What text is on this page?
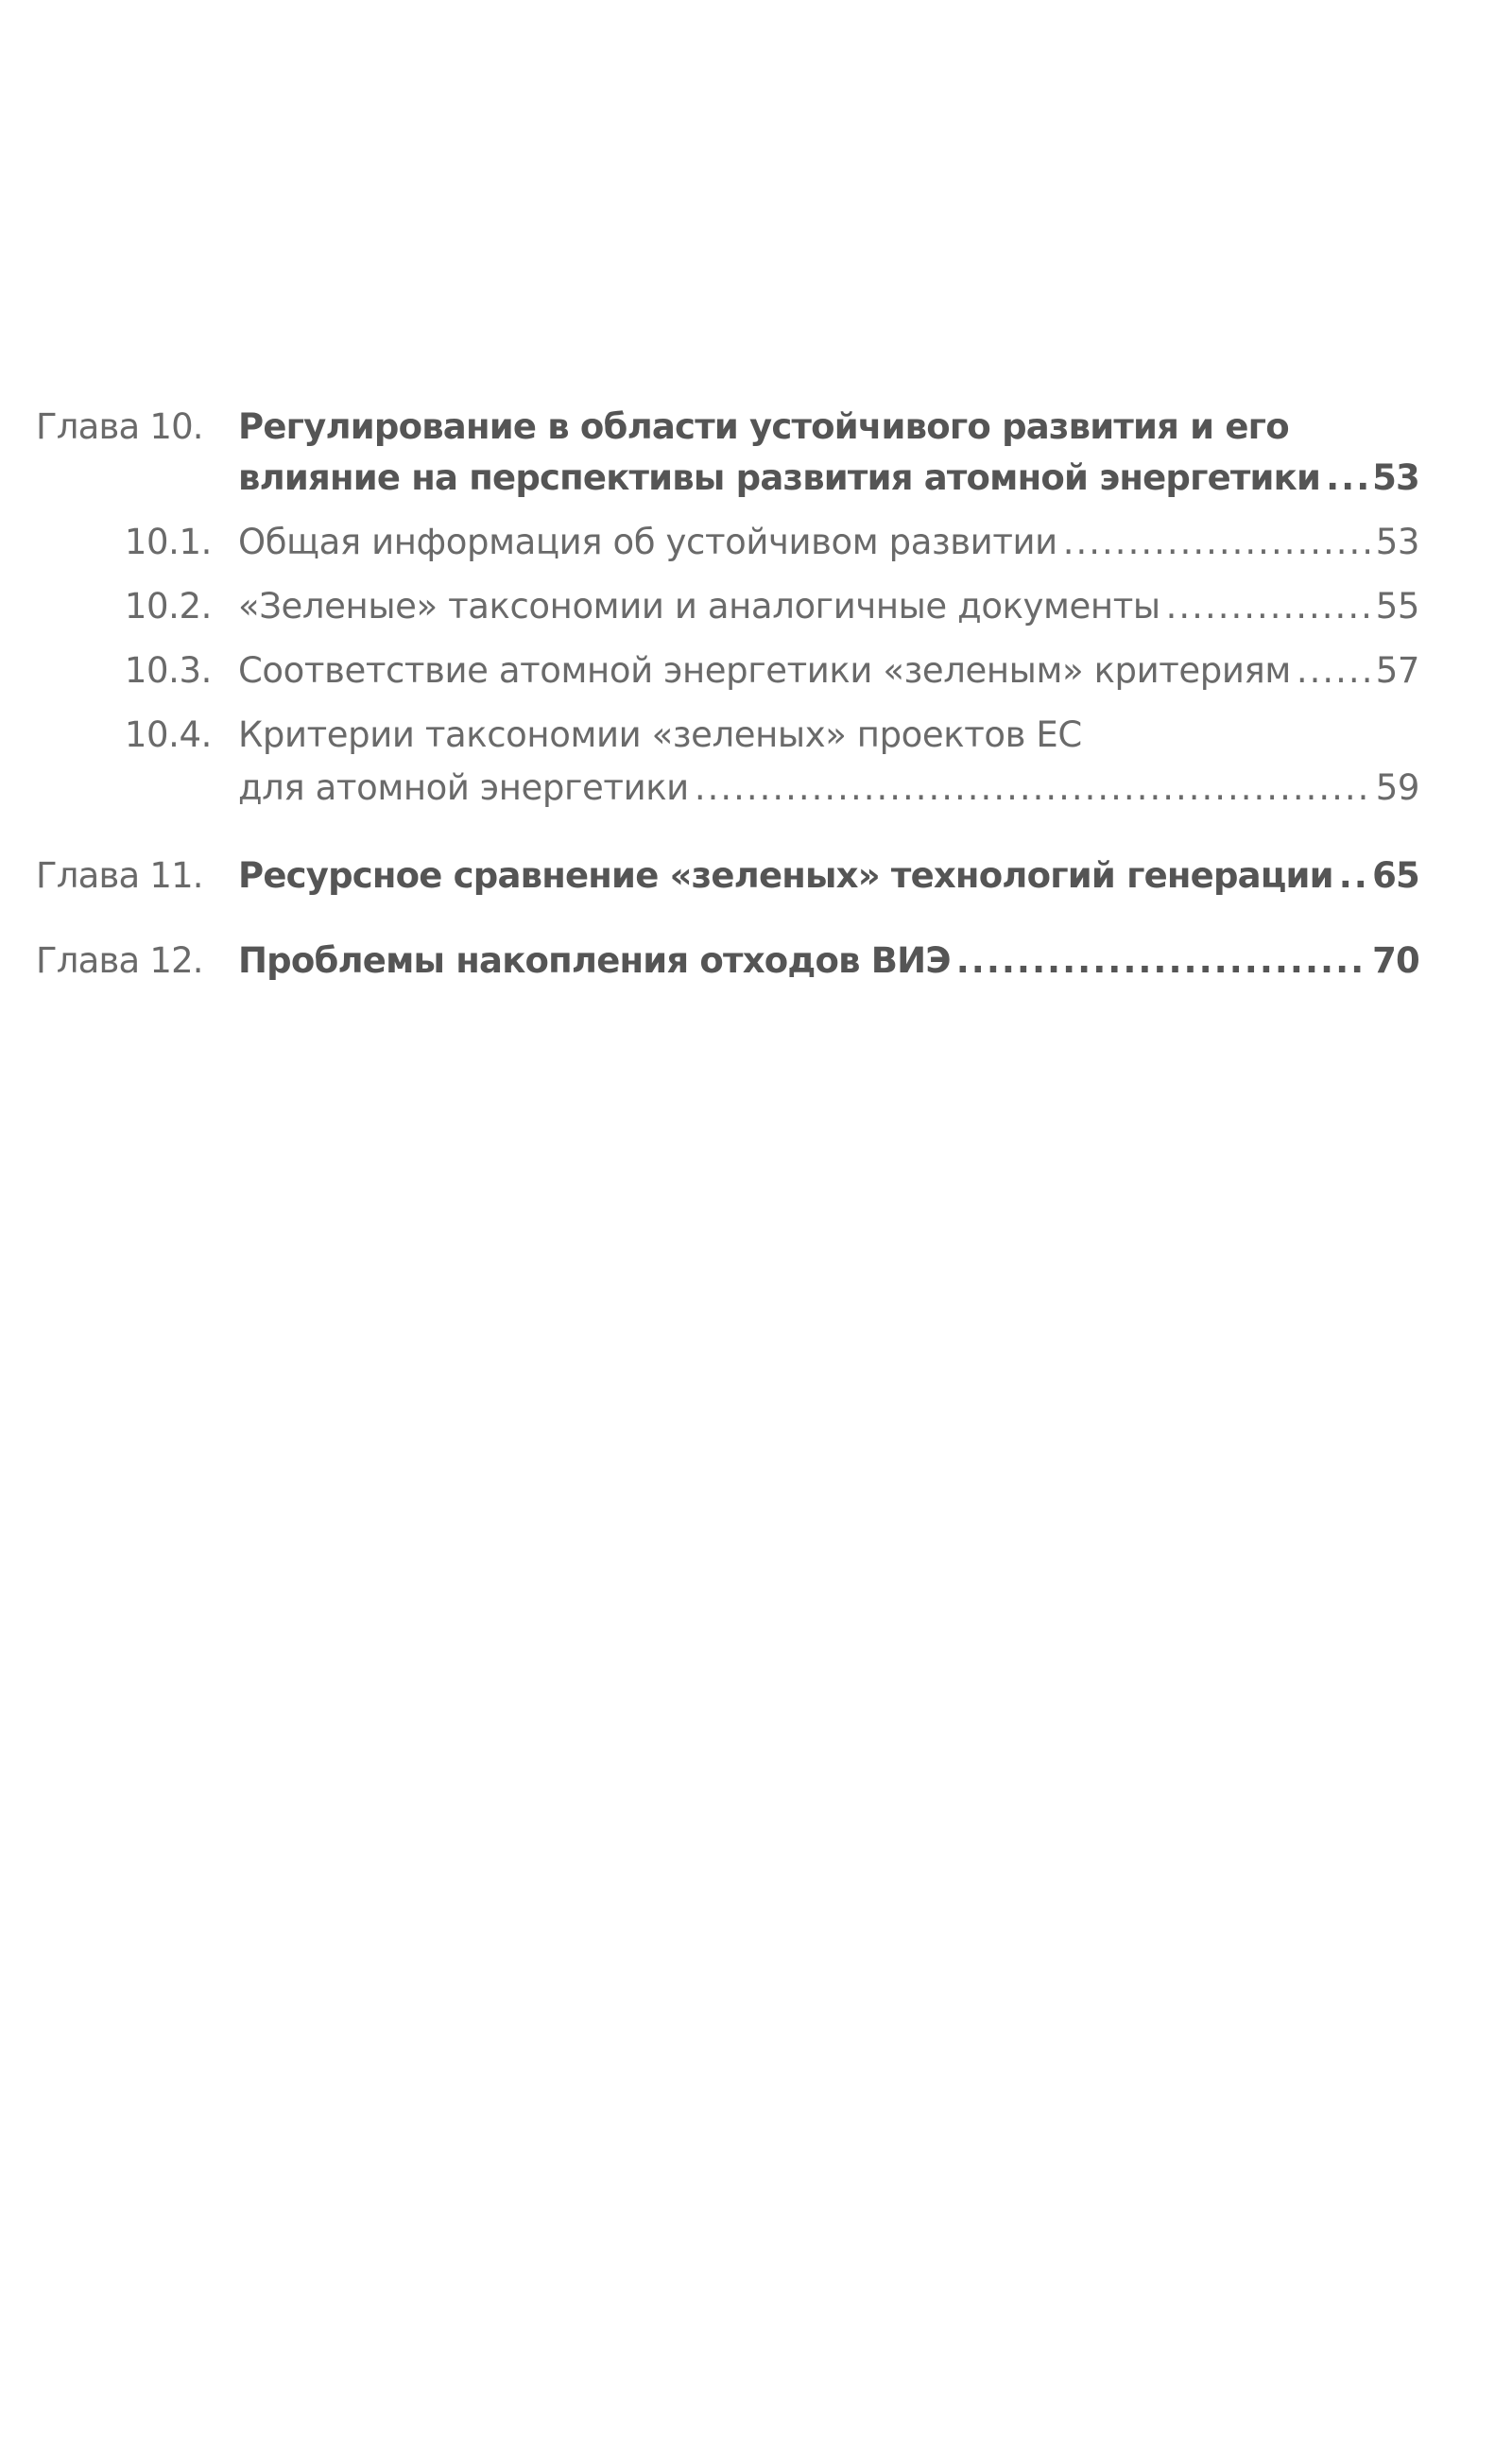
Глава 10.	Регулирование в области устойчивого развития и его
влияние на перспективы развития атомной энергетики ..... 53
10.1. Общая информация об устойчивом развитии .....	53
10.2. «Зеленые» таксономии и аналогичные документы .....	55
10.3. Соответствие атомной энергетики «зеленым» критериям ..... 57
10.4. Критерии таксономии «зеленых» проектов ЕС
для атомной энергетики .....	59
Глава 11.	Ресурсное сравнение «зеленых» технологий генерации ..... 65
Глава 12.	Проблемы накопления отходов ВИЭ .....	70
